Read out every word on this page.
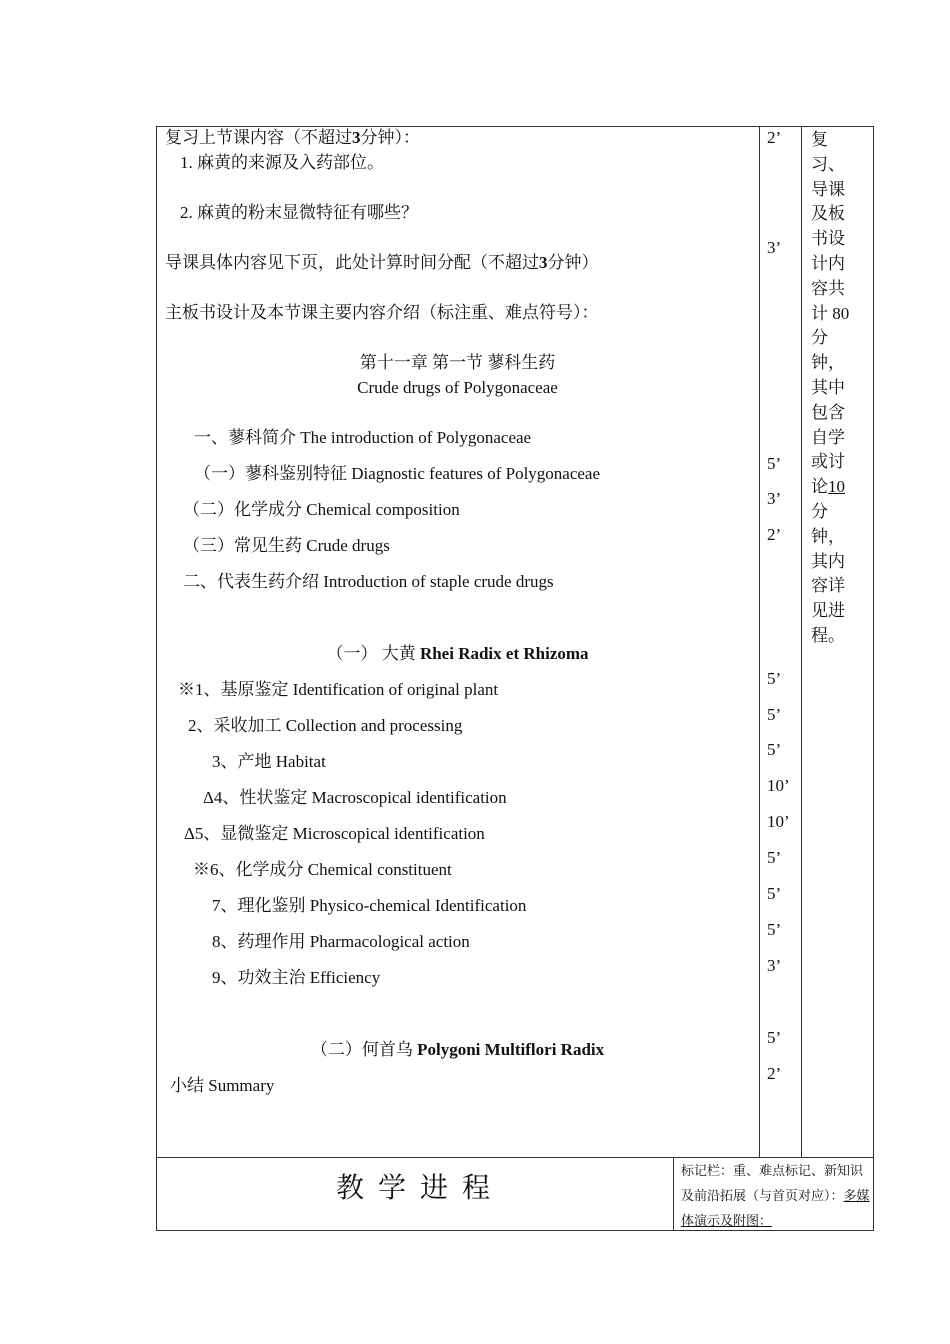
复习上节课内容（不超过3分钟）：
1. 麻黄的来源及入药部位。
2. 麻黄的粉末显微特征有哪些？
导课具体内容见下页，此处计算时间分配（不超过3分钟）
主板书设计及本节课主要内容介绍（标注重、难点符号）：
第十一章 第一节 蓼科生药
Crude drugs of Polygonaceae
一、蓼科简介 The introduction of Polygonaceae
（一）蓼科鉴别特征 Diagnostic features of Polygonaceae
（二）化学成分 Chemical composition
（三）常见生药 Crude drugs
二、代表生药介绍 Introduction of staple crude drugs
（一） 大黄 Rhei Radix et Rhizoma
※1、基原鉴定 Identification of original plant
2、采收加工 Collection and processing
3、产地 Habitat
Δ4、性状鉴定 Macroscopical identification
Δ5、显微鉴定 Microscopical identification
※6、化学成分 Chemical constituent
7、理化鉴别 Physico-chemical Identification
8、药理作用 Pharmacological action
9、功效主治 Efficiency
（二）何首乌 Polygoni Multiflori Radix
小结 Summary
2’
3’
5’
3’
2’
5’
5’
5’
10’
10’
5’
5’
5’
3’
5’
2’
复习、导课及板书设计内容共计 80 分钟，其中包含自学或讨论10分钟，其内容详见进程。
教学进程
标记栏：重、难点标记、新知识及前沿拓展（与首页对应）：多媒体演示及附图：
